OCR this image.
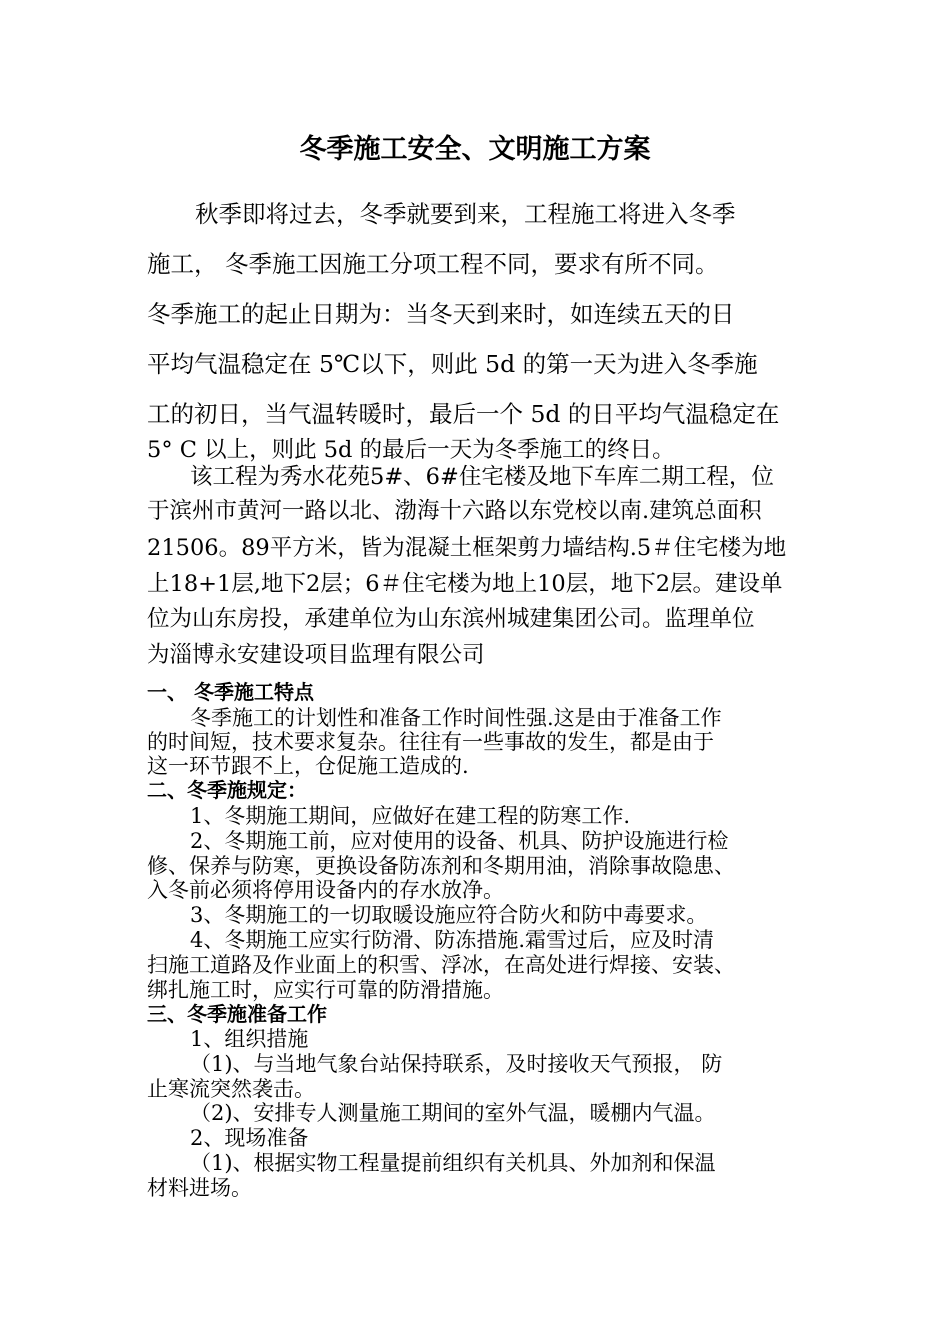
冬季施工安全、文明施工方案

秋季即将过去，冬季就要到来，工程施工将进入冬季

施工， 冬季施工因施工分项工程不同，要求有所不同。

冬季施工的起止日期为：当冬天到来时，如连续五天的日

平均气温稳定在 5℃以下，则此 5d 的第一天为进入冬季施

工的初日，当气温转暖时，最后一个 5d 的日平均气温稳定在

5° C 以上，则此 5d 的最后一天为冬季施工的终日。

该工程为秀水花苑5#、6#住宅楼及地下车库二期工程，位

于滨州市黄河一路以北、渤海十六路以东党校以南.建筑总面积

21506。89平方米，皆为混凝土框架剪力墙结构.5＃住宅楼为地

上18+1层,地下2层；6＃住宅楼为地上10层，地下2层。建设单

位为山东房投，承建单位为山东滨州城建集团公司。监理单位

为淄博永安建设项目监理有限公司

一、 冬季施工特点

冬季施工的计划性和准备工作时间性强.这是由于准备工作

的时间短，技术要求复杂。往往有一些事故的发生，都是由于

这一环节跟不上，仓促施工造成的.

二、冬季施规定：

1、冬期施工期间，应做好在建工程的防寒工作.

2、冬期施工前，应对使用的设备、机具、防护设施进行检

修、保养与防寒，更换设备防冻剂和冬期用油，消除事故隐患、

入冬前必须将停用设备内的存水放净。

3、冬期施工的一切取暖设施应符合防火和防中毒要求。

4、冬期施工应实行防滑、防冻措施.霜雪过后，应及时清

扫施工道路及作业面上的积雪、浮冰，在高处进行焊接、安装、

绑扎施工时，应实行可靠的防滑措施。

三、冬季施准备工作

1、组织措施

（1)、与当地气象台站保持联系，及时接收天气预报， 防

止寒流突然袭击。

（2)、安排专人测量施工期间的室外气温，暖棚内气温。

2、现场准备

（1)、根据实物工程量提前组织有关机具、外加剂和保温

材料进场。
